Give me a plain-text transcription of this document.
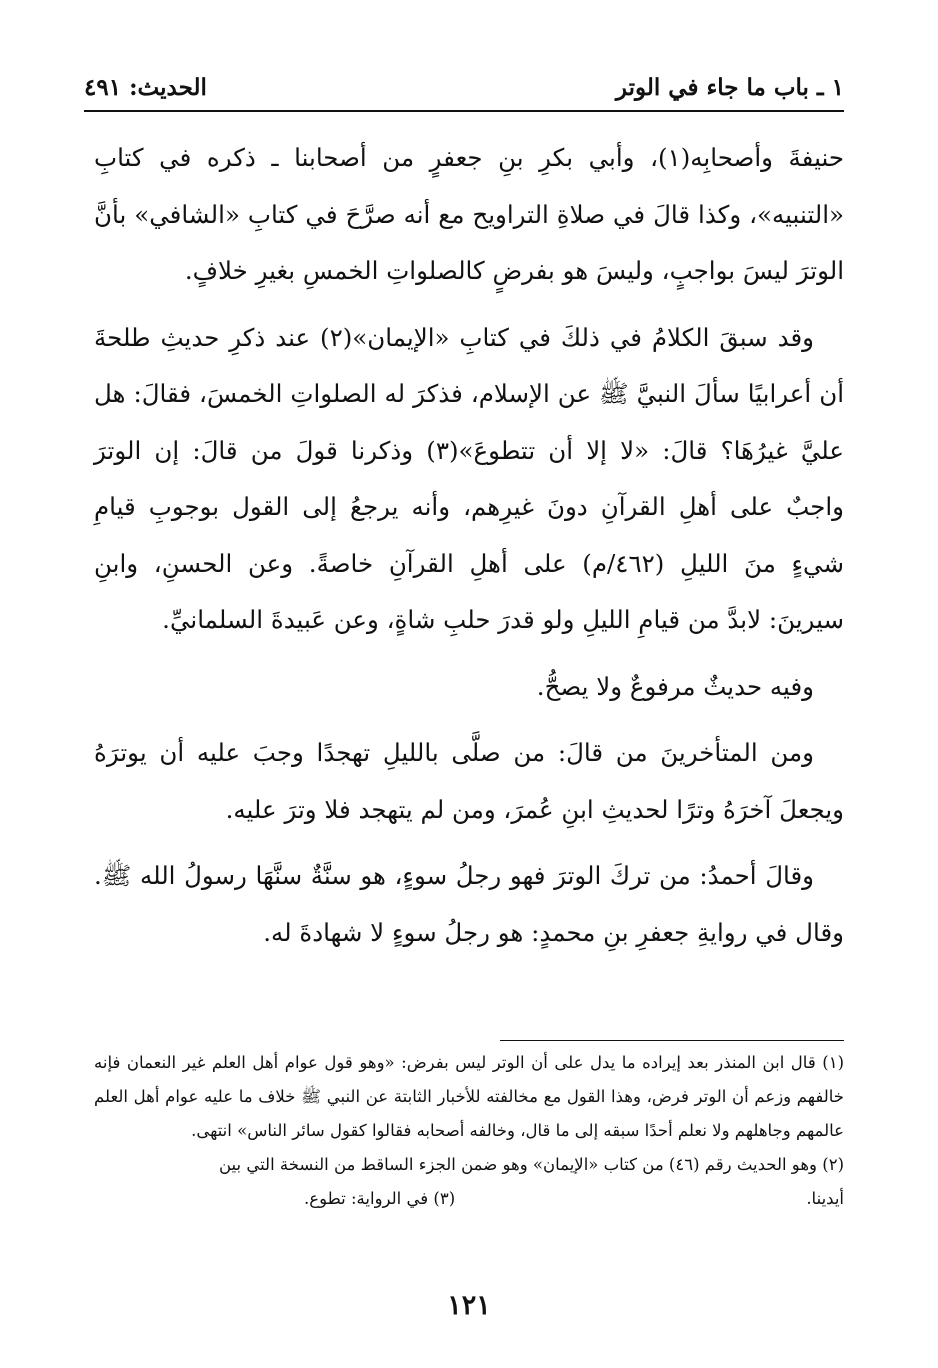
١ ـ باب ما جاء في الوتر
الحديث: ٤٩١

حنيفةَ وأصحابِه(١)، وأبي بكرِ بنِ جعفرٍ من أصحابنا ـ ذكره في كتابِ «التنبيه»، وكذا قالَ في صلاةِ التراويح مع أنه صرَّحَ في كتابِ «الشافي» بأنَّ الوترَ ليسَ بواجبٍ، وليسَ هو بفرضٍ كالصلواتِ الخمسِ بغيرِ خلافٍ.

وقد سبقَ الكلامُ في ذلكَ في كتابِ «الإيمان»(٢) عند ذكرِ حديثِ طلحةَ أن أعرابيًا سألَ النبيَّ ﷺ عن الإسلام، فذكرَ له الصلواتِ الخمسَ، فقالَ: هل عليَّ غيرُهَا؟ قالَ: «لا إلا أن تتطوعَ»(٣) وذكرنا قولَ من قالَ: إن الوترَ واجبٌ على أهلِ القرآنِ دونَ غيرِهم، وأنه يرجعُ إلى القول بوجوبِ قيامِ شيءٍ منَ الليلِ (٤٦٢/م) على أهلِ القرآنِ خاصةً. وعن الحسنِ، وابنِ سيرينَ: لابدَّ من قيامِ الليلِ ولو قدرَ حلبِ شاةٍ، وعن عَبيدةَ السلمانيِّ.

وفيه حديثٌ مرفوعٌ ولا يصحُّ.

ومن المتأخرينَ من قالَ: من صلَّى بالليلِ تهجدًا وجبَ عليه أن يوترَهُ ويجعلَ آخرَهُ وترًا لحديثِ ابنِ عُمرَ، ومن لم يتهجد فلا وترَ عليه.

وقالَ أحمدُ: من تركَ الوترَ فهو رجلُ سوءٍ، هو سنَّةٌ سنَّهَا رسولُ الله ﷺ. وقال في روايةِ جعفرِ بنِ محمدٍ: هو رجلُ سوءٍ لا شهادةَ له.

(١) قال ابن المنذر بعد إيراده ما يدل على أن الوتر ليس بفرض: «وهو قول عوام أهل العلم غير النعمان فإنه خالفهم وزعم أن الوتر فرض، وهذا القول مع مخالفته للأخبار الثابتة عن النبي ﷺ خلاف ما عليه عوام أهل العلم عالمهم وجاهلهم ولا نعلم أحدًا سبقه إلى ما قال، وخالفه أصحابه فقالوا كقول سائر الناس» انتهى.

(٢) وهو الحديث رقم (٤٦) من كتاب «الإيمان» وهو ضمن الجزء الساقط من النسخة التي بين

أيدينا.
(٣) في الرواية: تطوع.
١٢١
